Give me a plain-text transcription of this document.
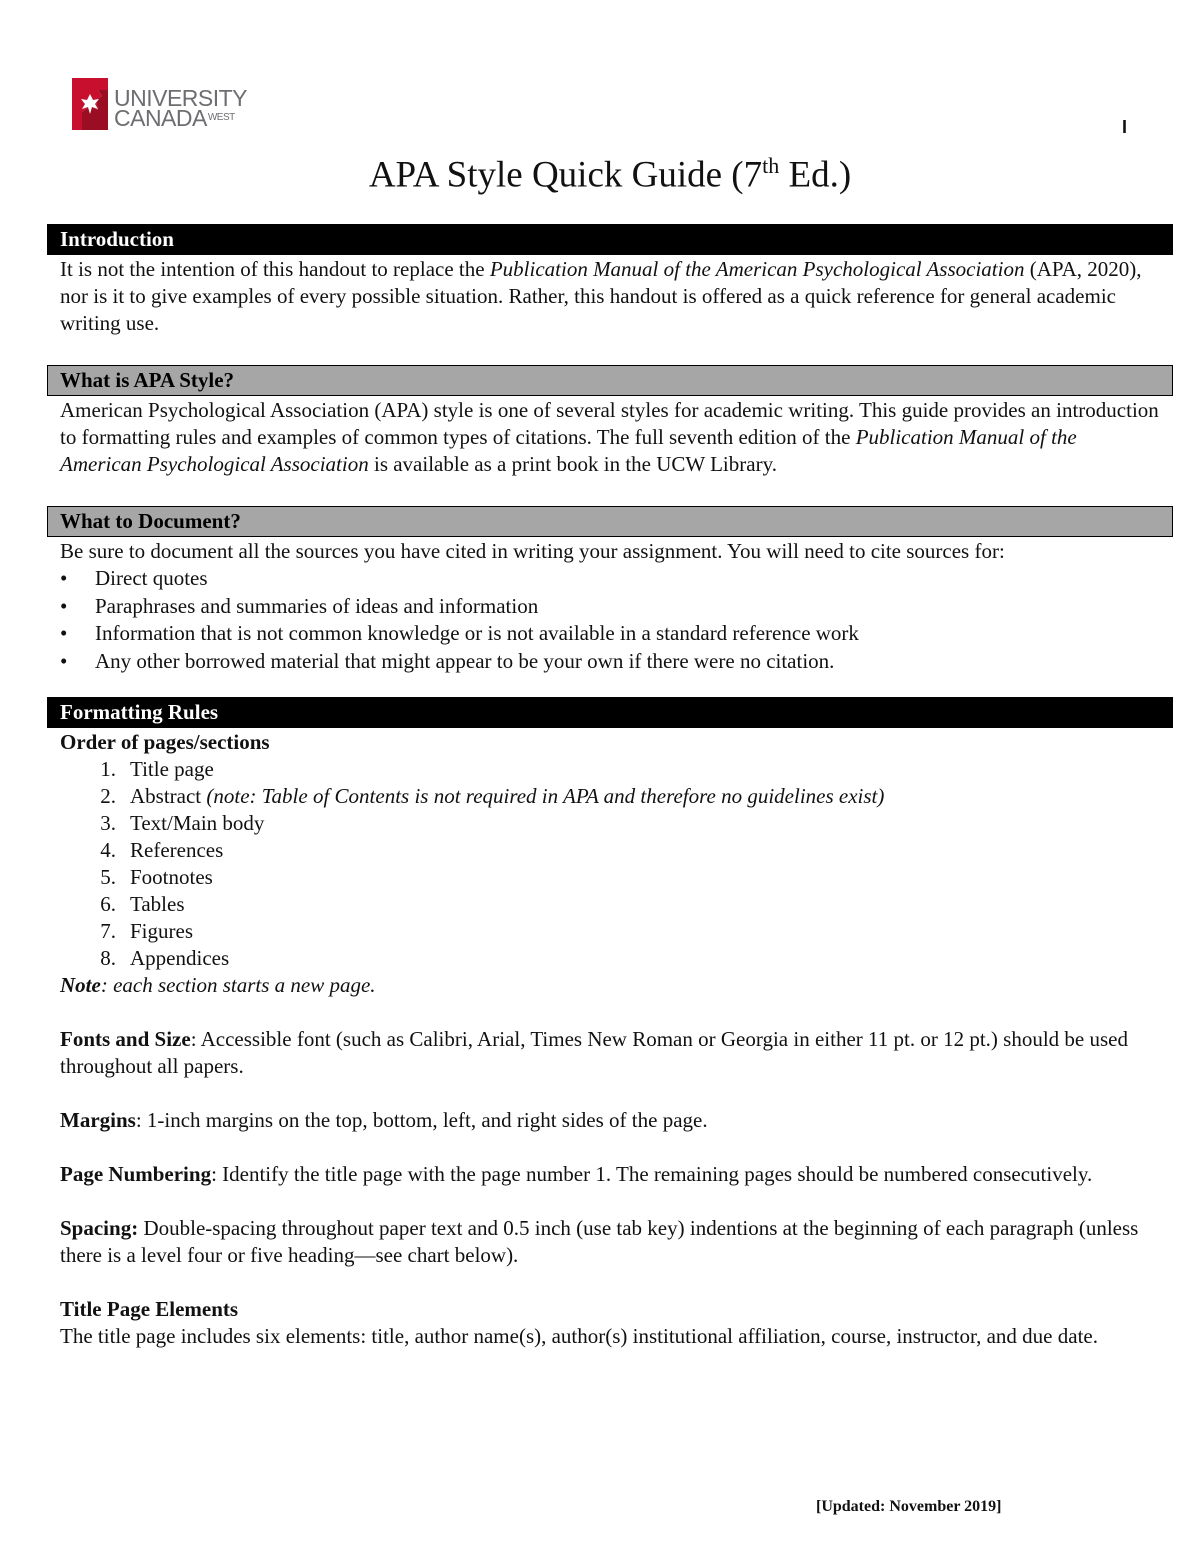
UNIVERSITY
$CANADA^{WEST}$	I
APA Style Quick Guide (7th Ed.)
Introduction

It is not the intention of this handout to replace the Publication Manual of the American Psychological Association (APA, 2020), nor is it to give examples of every possible situation. Rather, this handout is offered as a quick reference for general academic writing use.

What is APA Style?

American Psychological Association (APA) style is one of several styles for academic writing. This guide provides an introduction to formatting rules and examples of common types of citations. The full seventh edition of the Publication Manual of the American Psychological Association is available as a print book in the UCW Library.

What to Document?

Be sure to document all the sources you have cited in writing your assignment. You will need to cite sources for:

• Direct quotes
• Paraphrases and summaries of ideas and information
• Information that is not common knowledge or is not available in a standard reference work
• Any other borrowed material that might appear to be your own if there were no citation.
Formatting Rules

Order of pages/sections

1. Title page
2. Abstract (note: Table of Contents is not required in APA and therefore no guidelines exist)
3. Text/Main body
4. References
5. Footnotes
6. Tables
7. Figures
8. Appendices

Note: each section starts a new page.

Fonts and Size: Accessible font (such as Calibri, Arial, Times New Roman or Georgia in either 11 pt. or 12 pt.) should be used throughout all papers.

Margins: 1-inch margins on the top, bottom, left, and right sides of the page.

Page Numbering: Identify the title page with the page number 1. The remaining pages should be numbered consecutively.

Spacing: Double-spacing throughout paper text and 0.5 inch (use tab key) indentions at the beginning of each paragraph (unless there is a level four or five heading—see chart below).

Title Page Elements

The title page includes six elements: title, author name(s), author(s) institutional affiliation, course, instructor, and due date.

[Updated: November 2019]
